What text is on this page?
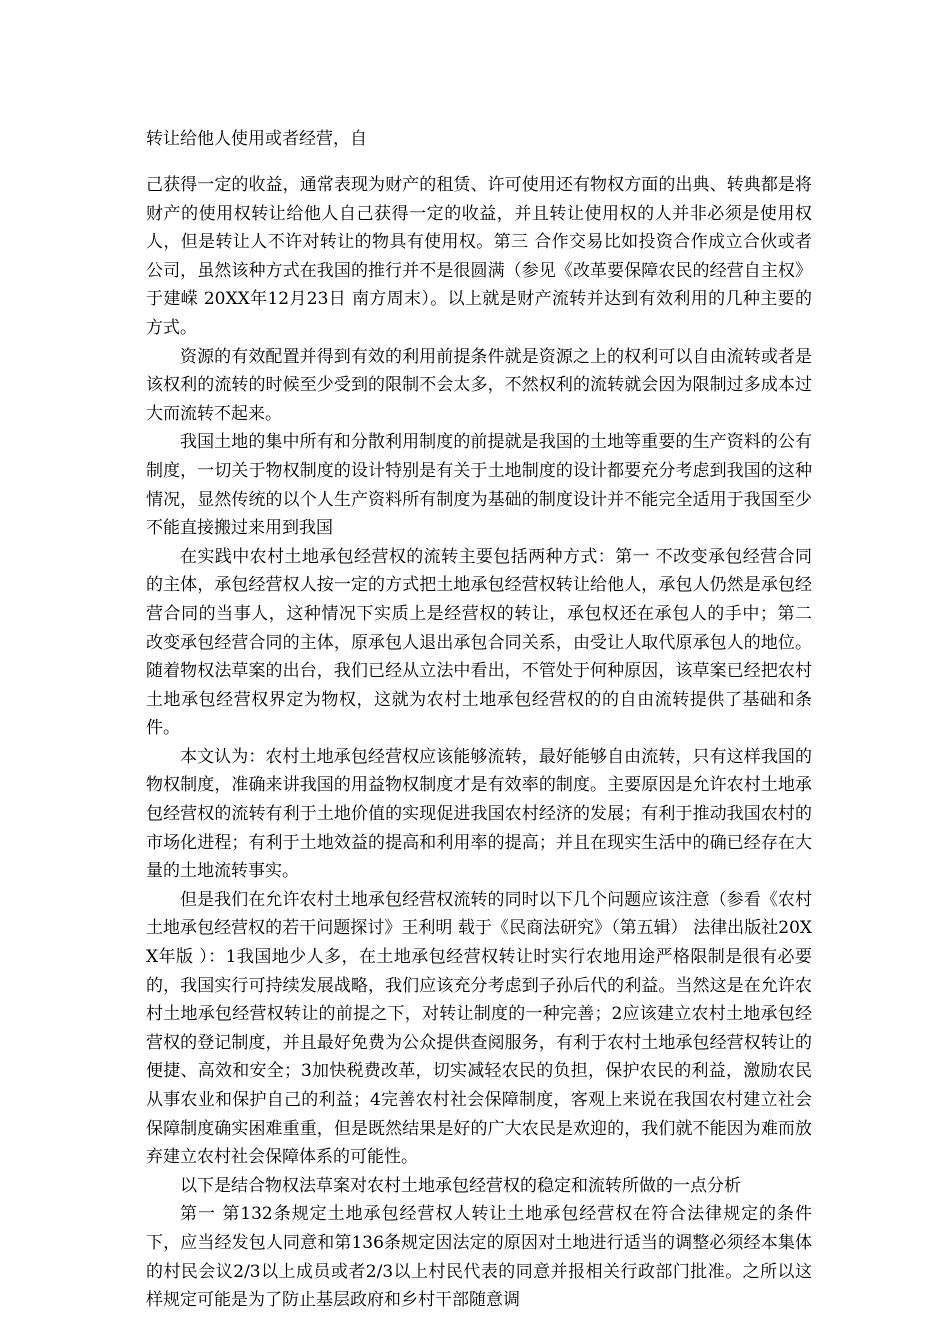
转让给他人使用或者经营，自

己获得一定的收益，通常表现为财产的租赁、许可使用还有物权方面的出典、转典都是将财产的使用权转让给他人自己获得一定的收益，并且转让使用权的人并非必须是使用权人，但是转让人不许对转让的物具有使用权。第三 合作交易比如投资合作成立合伙或者公司，虽然该种方式在我国的推行并不是很圆满（参见《改革要保障农民的经营自主权》于建嵘 20XX年12月23日 南方周末）。以上就是财产流转并达到有效利用的几种主要的方式。

资源的有效配置并得到有效的利用前提条件就是资源之上的权利可以自由流转或者是该权利的流转的时候至少受到的限制不会太多，不然权利的流转就会因为限制过多成本过大而流转不起来。

我国土地的集中所有和分散利用制度的前提就是我国的土地等重要的生产资料的公有制度，一切关于物权制度的设计特别是有关于土地制度的设计都要充分考虑到我国的这种情况，显然传统的以个人生产资料所有制度为基础的制度设计并不能完全适用于我国至少不能直接搬过来用到我国

在实践中农村土地承包经营权的流转主要包括两种方式：第一 不改变承包经营合同的主体，承包经营权人按一定的方式把土地承包经营权转让给他人，承包人仍然是承包经营合同的当事人，这种情况下实质上是经营权的转让，承包权还在承包人的手中；第二 改变承包经营合同的主体，原承包人退出承包合同关系，由受让人取代原承包人的地位。随着物权法草案的出台，我们已经从立法中看出，不管处于何种原因，该草案已经把农村土地承包经营权界定为物权，这就为农村土地承包经营权的的自由流转提供了基础和条件。

本文认为：农村土地承包经营权应该能够流转，最好能够自由流转，只有这样我国的物权制度，准确来讲我国的用益物权制度才是有效率的制度。主要原因是允许农村土地承包经营权的流转有利于土地价值的实现促进我国农村经济的发展；有利于推动我国农村的市场化进程；有利于土地效益的提高和利用率的提高；并且在现实生活中的确已经存在大量的土地流转事实。

但是我们在允许农村土地承包经营权流转的同时以下几个问题应该注意（参看《农村土地承包经营权的若干问题探讨》王利明 载于《民商法研究》（第五辑） 法律出版社20XX年版 ）：1我国地少人多，在土地承包经营权转让时实行农地用途严格限制是很有必要的，我国实行可持续发展战略，我们应该充分考虑到子孙后代的利益。当然这是在允许农村土地承包经营权转让的前提之下，对转让制度的一种完善；2应该建立农村土地承包经营权的登记制度，并且最好免费为公众提供查阅服务，有利于农村土地承包经营权转让的便捷、高效和安全；3加快税费改革，切实减轻农民的负担，保护农民的利益，激励农民从事农业和保护自己的利益；4完善农村社会保障制度，客观上来说在我国农村建立社会保障制度确实困难重重，但是既然结果是好的广大农民是欢迎的，我们就不能因为难而放弃建立农村社会保障体系的可能性。

以下是结合物权法草案对农村土地承包经营权的稳定和流转所做的一点分析

第一 第132条规定土地承包经营权人转让土地承包经营权在符合法律规定的条件下，应当经发包人同意和第136条规定因法定的原因对土地进行适当的调整必须经本集体的村民会议2/3以上成员或者2/3以上村民代表的同意并报相关行政部门批准。之所以这样规定可能是为了防止基层政府和乡村干部随意调
